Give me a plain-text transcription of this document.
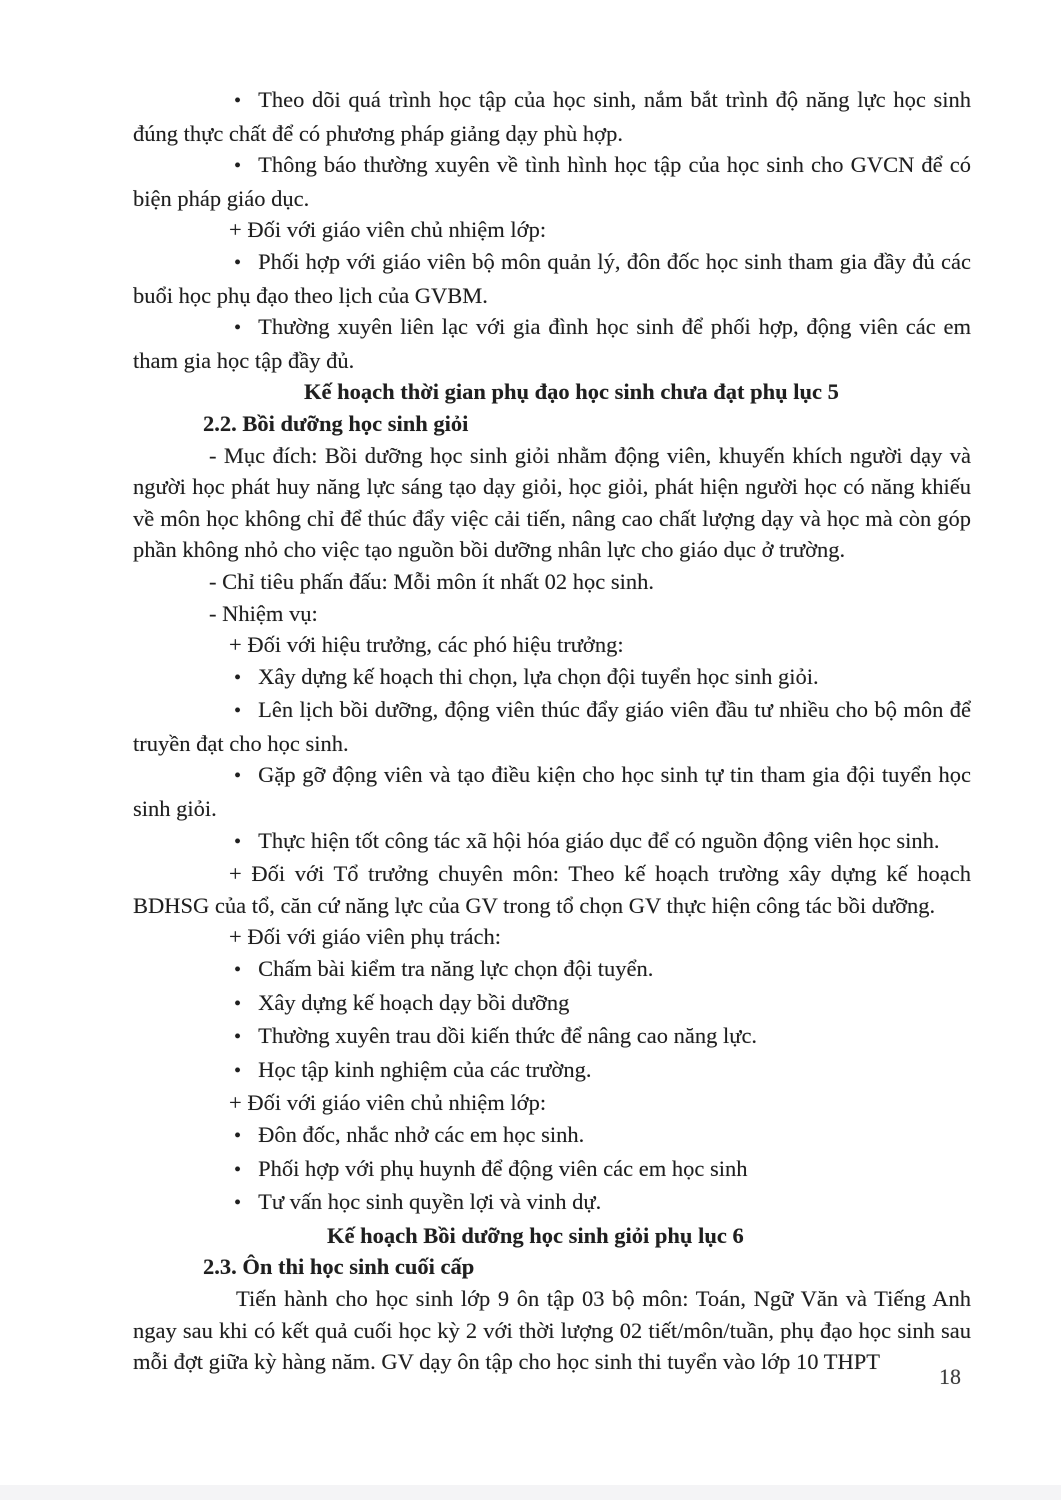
• Theo dõi quá trình học tập của học sinh, nắm bắt trình độ năng lực học sinh đúng thực chất để có phương pháp giảng dạy phù hợp.

• Thông báo thường xuyên về tình hình học tập của học sinh cho GVCN để có biện pháp giáo dục.

+ Đối với giáo viên chủ nhiệm lớp:

• Phối hợp với giáo viên bộ môn quản lý, đôn đốc học sinh tham gia đầy đủ các buổi học phụ đạo theo lịch của GVBM.

• Thường xuyên liên lạc với gia đình học sinh để phối hợp, động viên các em tham gia học tập đầy đủ.

Kế hoạch thời gian phụ đạo học sinh chưa đạt phụ lục 5

2.2. Bồi dưỡng học sinh giỏi

- Mục đích: Bồi dưỡng học sinh giỏi nhằm động viên, khuyến khích người dạy và người học phát huy năng lực sáng tạo dạy giỏi, học giỏi, phát hiện người học có năng khiếu về môn học không chỉ để thúc đẩy việc cải tiến, nâng cao chất lượng dạy và học mà còn góp phần không nhỏ cho việc tạo nguồn bồi dưỡng nhân lực cho giáo dục ở trường.

- Chỉ tiêu phấn đấu: Mỗi môn ít nhất 02 học sinh.

- Nhiệm vụ:

+ Đối với hiệu trưởng, các phó hiệu trưởng:

• Xây dựng kế hoạch thi chọn, lựa chọn đội tuyển học sinh giỏi.

• Lên lịch bồi dưỡng, động viên thúc đẩy giáo viên đầu tư nhiều cho bộ môn để truyền đạt cho học sinh.

• Gặp gỡ động viên và tạo điều kiện cho học sinh tự tin tham gia đội tuyển học sinh giỏi.

• Thực hiện tốt công tác xã hội hóa giáo dục để có nguồn động viên học sinh.

+ Đối với Tổ trưởng chuyên môn: Theo kế hoạch trường xây dựng kế hoạch BDHSG của tổ, căn cứ năng lực của GV trong tổ chọn GV thực hiện công tác bồi dưỡng.

+ Đối với giáo viên phụ trách:

• Chấm bài kiểm tra năng lực chọn đội tuyển.

• Xây dựng kế hoạch dạy bồi dưỡng

• Thường xuyên trau dồi kiến thức để nâng cao năng lực.

• Học tập kinh nghiệm của các trường.

+ Đối với giáo viên chủ nhiệm lớp:

• Đôn đốc, nhắc nhở các em học sinh.

• Phối hợp với phụ huynh để động viên các em học sinh

• Tư vấn học sinh quyền lợi và vinh dự.

Kế hoạch Bồi dưỡng học sinh giỏi phụ lục 6

2.3. Ôn thi học sinh cuối cấp

Tiến hành cho học sinh lớp 9 ôn tập 03 bộ môn: Toán, Ngữ Văn và Tiếng Anh ngay sau khi có kết quả cuối học kỳ 2 với thời lượng 02 tiết/môn/tuần, phụ đạo học sinh sau mỗi đợt giữa kỳ hàng năm. GV dạy ôn tập cho học sinh thi tuyển vào lớp 10 THPT

18
